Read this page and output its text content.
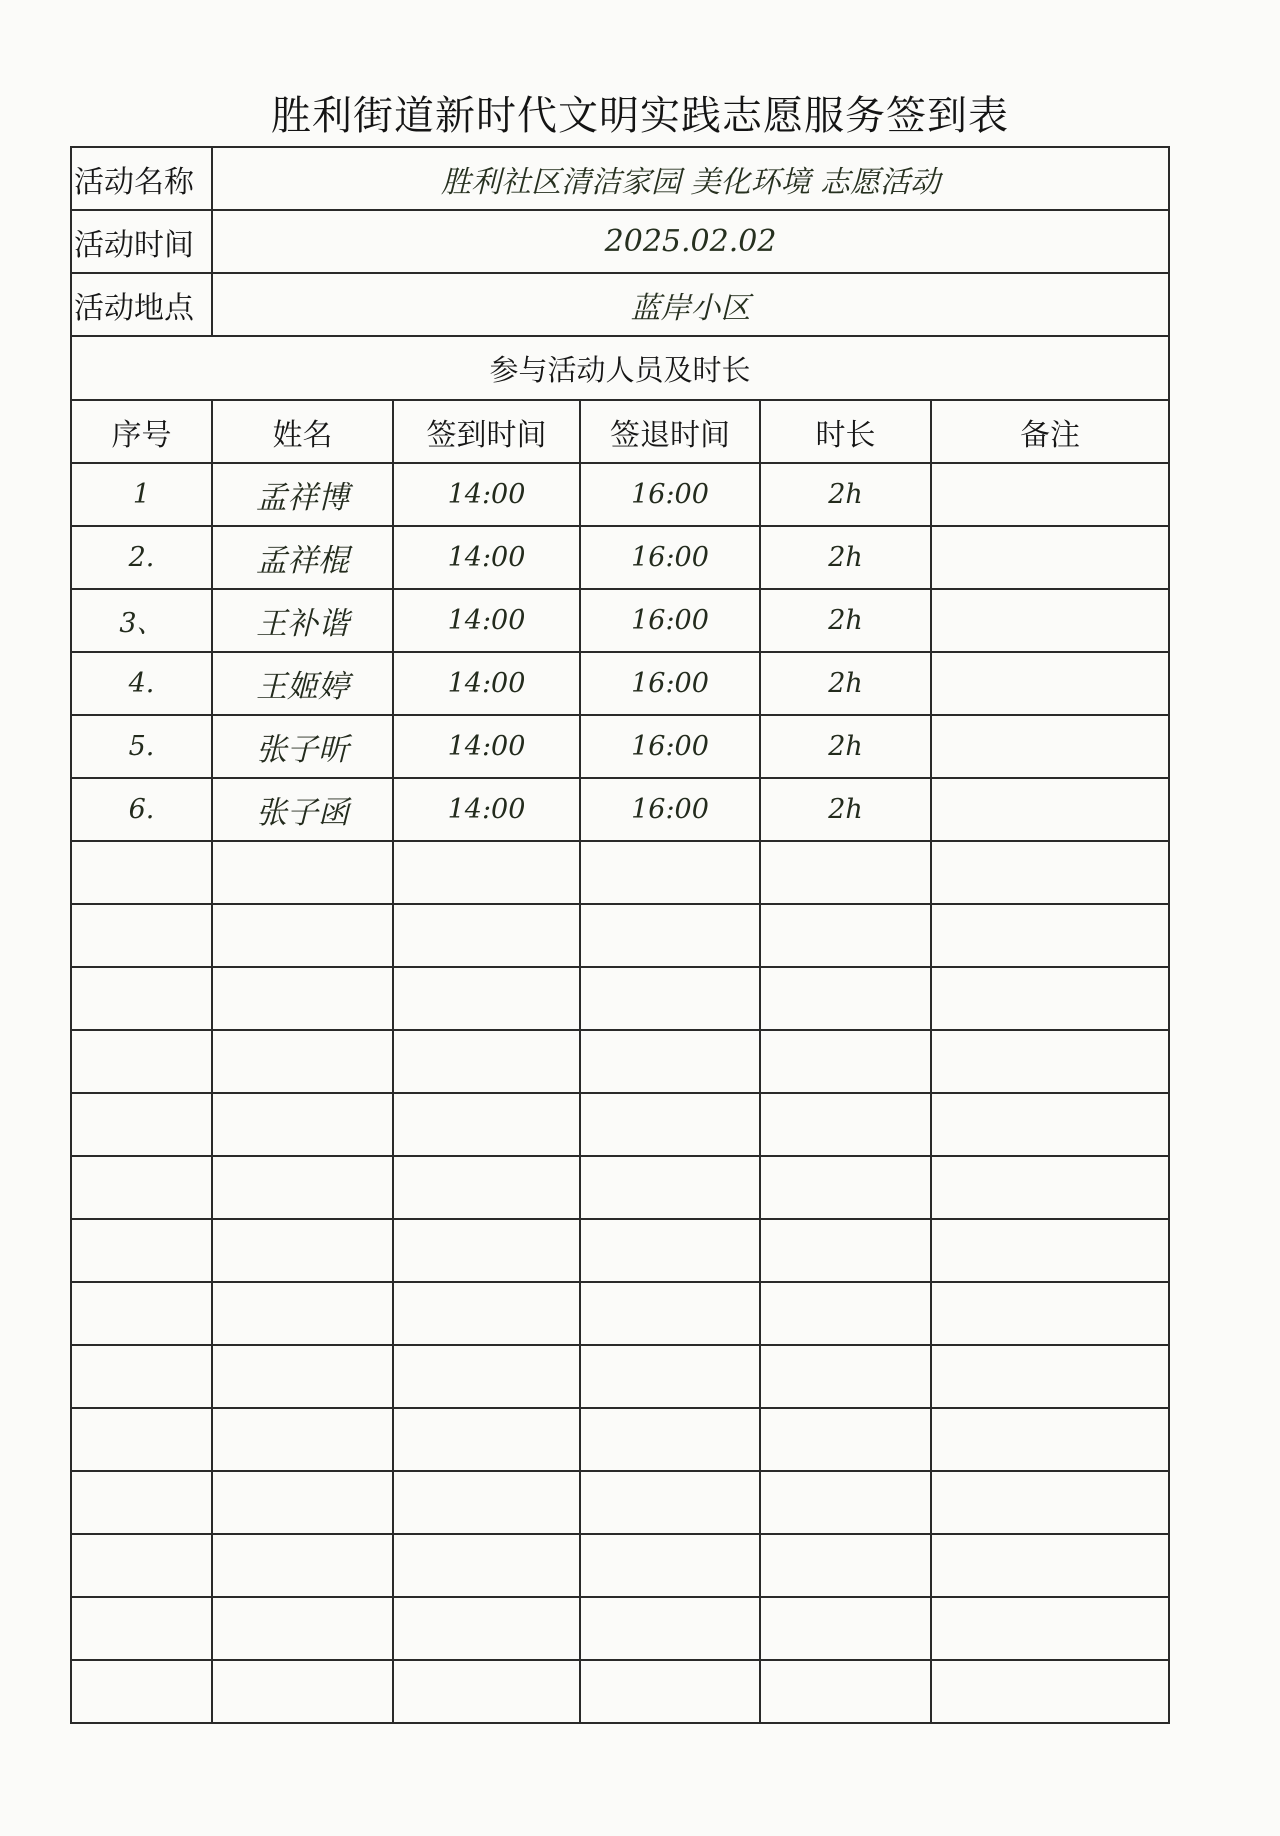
胜利街道新时代文明实践志愿服务签到表
活动名称	胜利社区清洁家园 美化环境 志愿活动				
活动时间	2025.02.02				
活动地点	蓝岸小区				
参与活动人员及时长					
序号	姓名	签到时间	签退时间	时长	备注
1	孟祥博	14:00	16:00	2h	
2.	孟祥棍	14:00	16:00	2h	
3、	王补谐	14:00	16:00	2h	
4.	王姬婷	14:00	16:00	2h	
5.	张子昕	14:00	16:00	2h	
6.	张子函	14:00	16:00	2h	
